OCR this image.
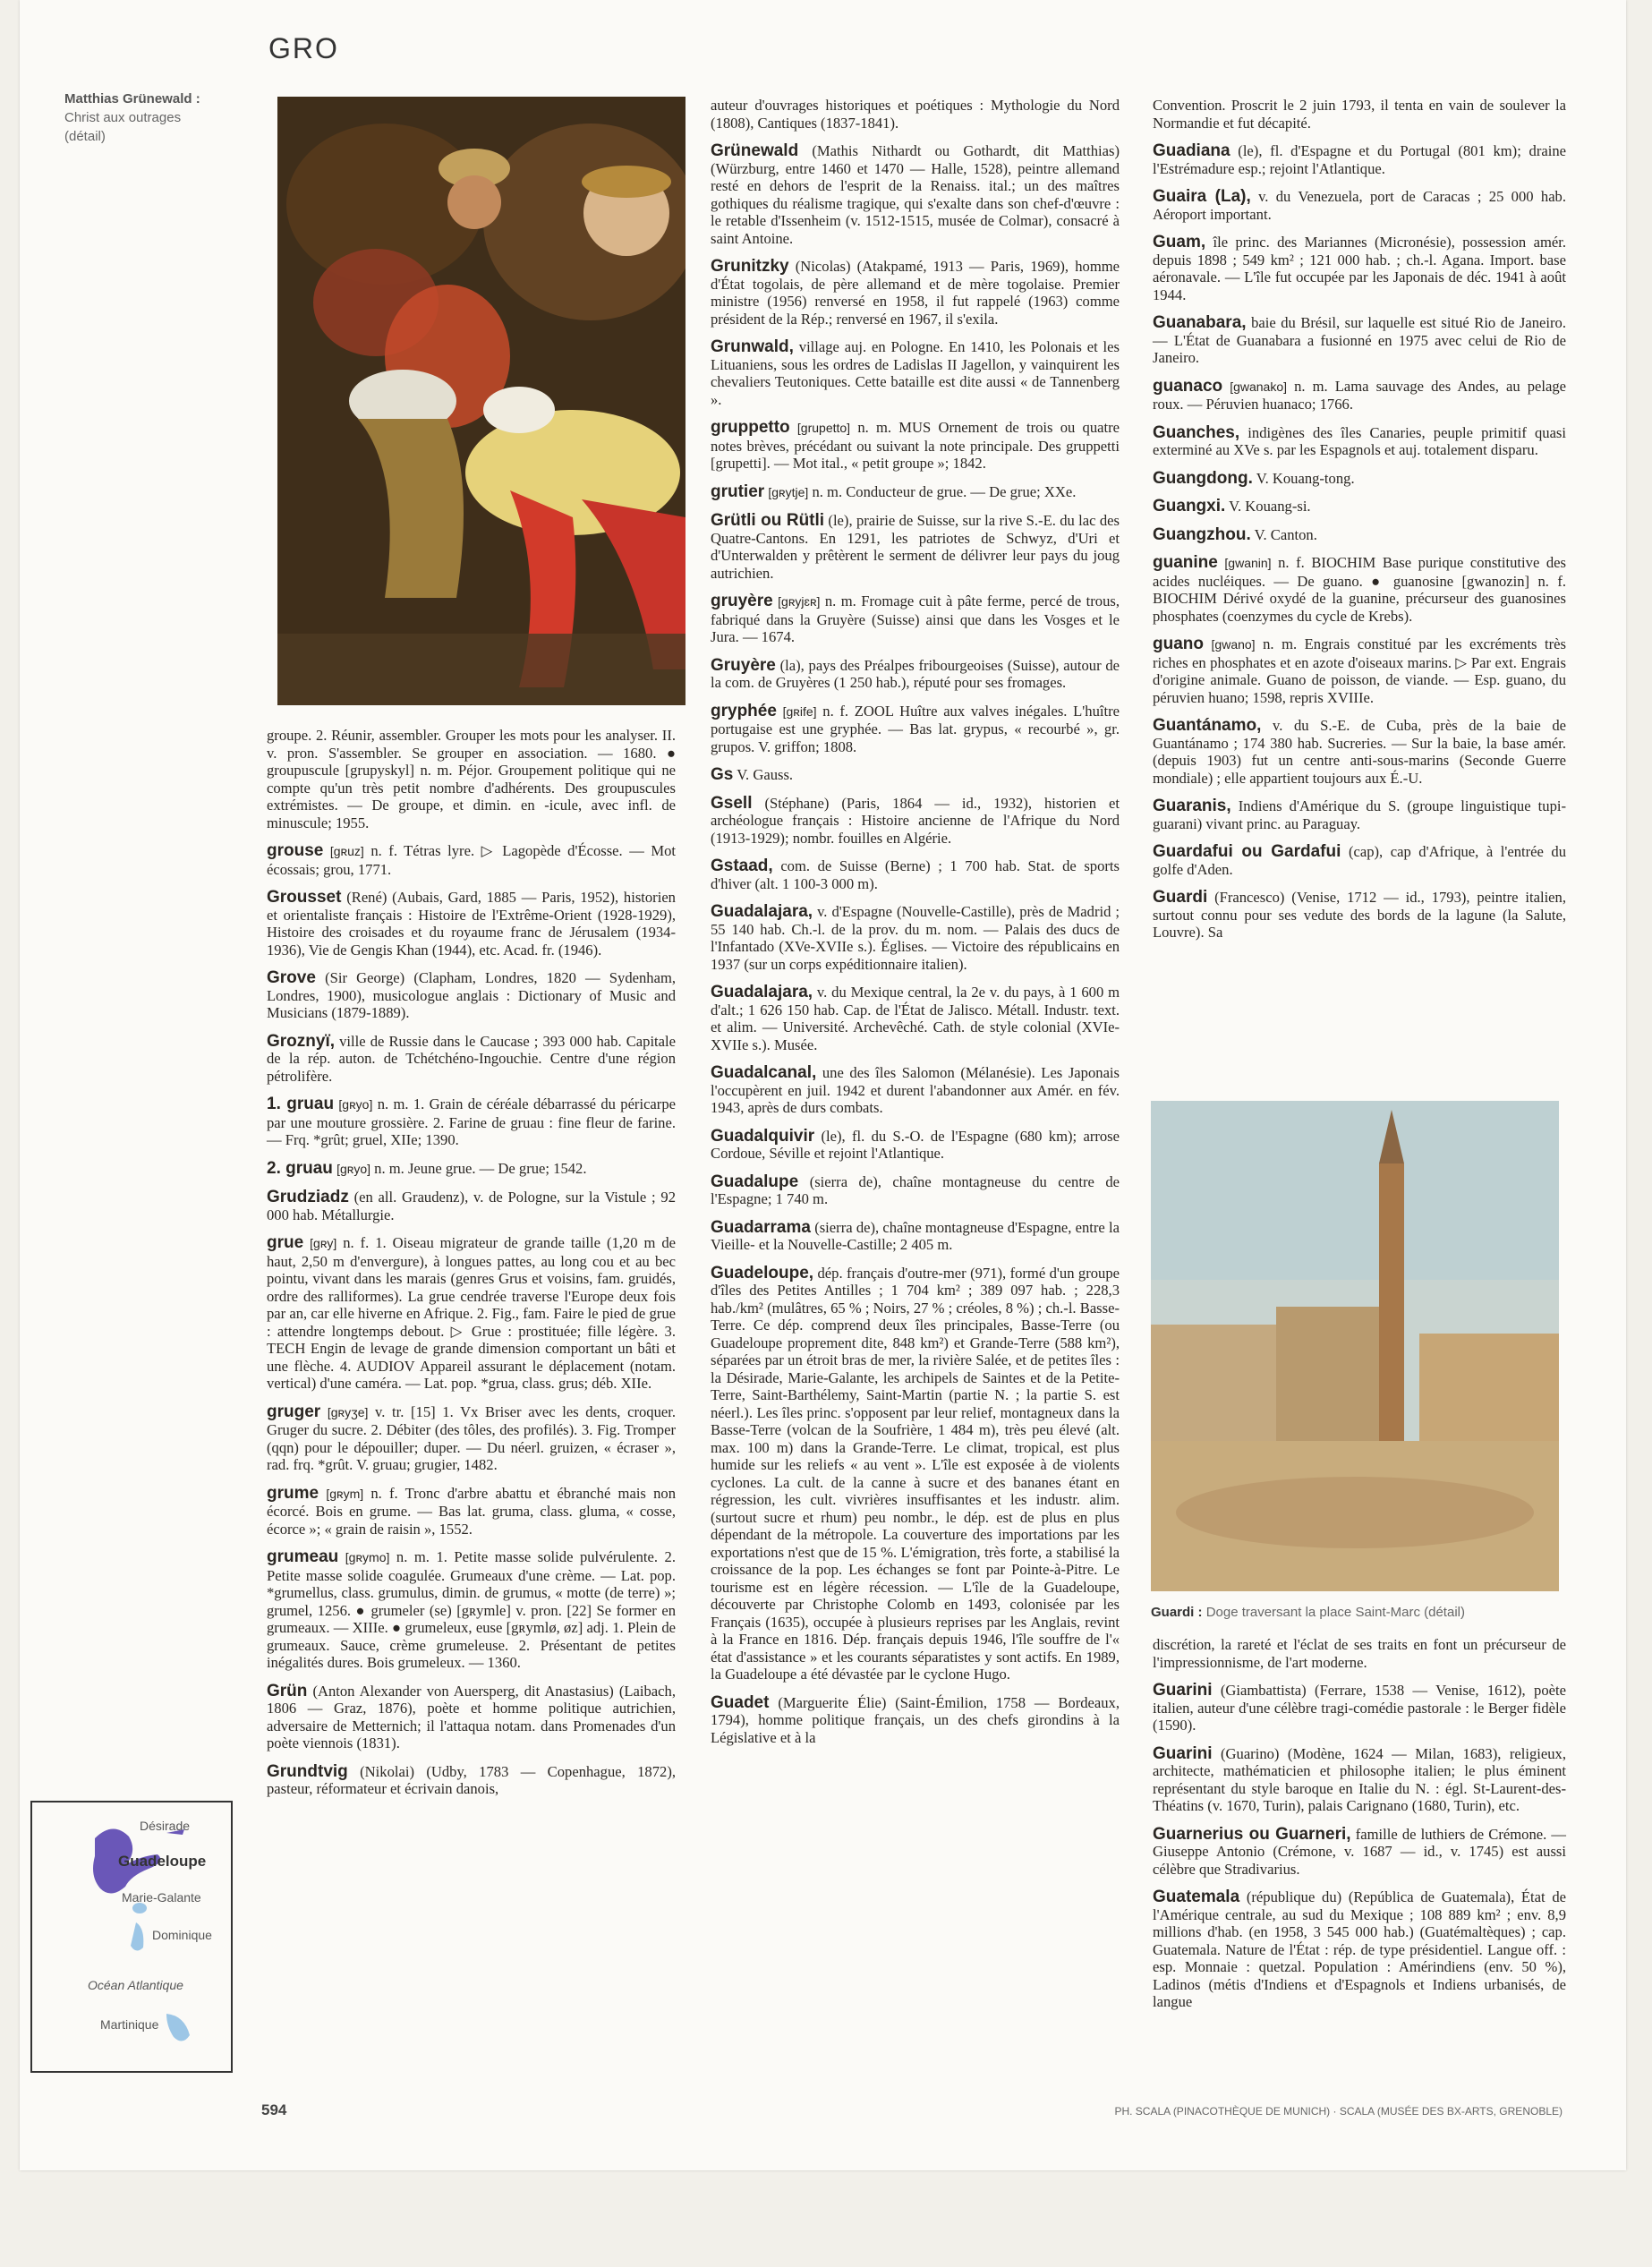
GRO
Matthias Grünewald :
Christ aux outrages
(détail)

groupe. 2. Réunir, assembler. Grouper les mots pour les analyser. II. v. pron. S'assembler. Se grouper en association. — 1680. ● groupuscule [grupyskyl] n. m. Péjor. Groupement politique qui ne compte qu'un très petit nombre d'adhérents. Des groupuscules extrémistes. — De groupe, et dimin. en -icule, avec infl. de minuscule; 1955.

grouse [gʀuz] n. f. Tétras lyre. ▷ Lagopède d'Écosse. — Mot écossais; grou, 1771.

Grousset (René) (Aubais, Gard, 1885 — Paris, 1952), historien et orientaliste français : Histoire de l'Extrême-Orient (1928-1929), Histoire des croisades et du royaume franc de Jérusalem (1934-1936), Vie de Gengis Khan (1944), etc. Acad. fr. (1946).

Grove (Sir George) (Clapham, Londres, 1820 — Sydenham, Londres, 1900), musicologue anglais : Dictionary of Music and Musicians (1879-1889).

Groznyï, ville de Russie dans le Caucase ; 393 000 hab. Capitale de la rép. auton. de Tchétchéno-Ingouchie. Centre d'une région pétrolifère.

1. gruau [gʀyo] n. m. 1. Grain de céréale débarrassé du péricarpe par une mouture grossière. 2. Farine de gruau : fine fleur de farine. — Frq. *grût; gruel, XIIe; 1390.

2. gruau [gʀyo] n. m. Jeune grue. — De grue; 1542.

Grudziadz (en all. Graudenz), v. de Pologne, sur la Vistule ; 92 000 hab. Métallurgie.

grue [gʀy] n. f. 1. Oiseau migrateur de grande taille (1,20 m de haut, 2,50 m d'envergure), à longues pattes, au long cou et au bec pointu, vivant dans les marais (genres Grus et voisins, fam. gruidés, ordre des ralliformes). La grue cendrée traverse l'Europe deux fois par an, car elle hiverne en Afrique. 2. Fig., fam. Faire le pied de grue : attendre longtemps debout. ▷ Grue : prostituée; fille légère. 3. TECH Engin de levage de grande dimension comportant un bâti et une flèche. 4. AUDIOV Appareil assurant le déplacement (notam. vertical) d'une caméra. — Lat. pop. *grua, class. grus; déb. XIIe.

gruger [gʀyʒe] v. tr. [15] 1. Vx Briser avec les dents, croquer. Gruger du sucre. 2. Débiter (des tôles, des profilés). 3. Fig. Tromper (qqn) pour le dépouiller; duper. — Du néerl. gruizen, « écraser », rad. frq. *grût. V. gruau; grugier, 1482.

grume [gʀym] n. f. Tronc d'arbre abattu et ébranché mais non écorcé. Bois en grume. — Bas lat. gruma, class. gluma, « cosse, écorce »; « grain de raisin », 1552.

grumeau [gʀymo] n. m. 1. Petite masse solide pulvérulente. 2. Petite masse solide coagulée. Grumeaux d'une crème. — Lat. pop. *grumellus, class. grumulus, dimin. de grumus, « motte (de terre) »; grumel, 1256. ● grumeler (se) [gʀymle] v. pron. [22] Se former en grumeaux. — XIIIe. ● grumeleux, euse [gʀymlø, øz] adj. 1. Plein de grumeaux. Sauce, crème grumeleuse. 2. Présentant de petites inégalités dures. Bois grumeleux. — 1360.

Grün (Anton Alexander von Auersperg, dit Anastasius) (Laibach, 1806 — Graz, 1876), poète et homme politique autrichien, adversaire de Metternich; il l'attaqua notam. dans Promenades d'un poète viennois (1831).

Grundtvig (Nikolai) (Udby, 1783 — Copenhague, 1872), pasteur, réformateur et écrivain danois,

auteur d'ouvrages historiques et poétiques : Mythologie du Nord (1808), Cantiques (1837-1841).

Grünewald (Mathis Nithardt ou Gothardt, dit Matthias) (Würzburg, entre 1460 et 1470 — Halle, 1528), peintre allemand resté en dehors de l'esprit de la Renaiss. ital.; un des maîtres gothiques du réalisme tragique, qui s'exalte dans son chef-d'œuvre : le retable d'Issenheim (v. 1512-1515, musée de Colmar), consacré à saint Antoine.

Grunitzky (Nicolas) (Atakpamé, 1913 — Paris, 1969), homme d'État togolais, de père allemand et de mère togolaise. Premier ministre (1956) renversé en 1958, il fut rappelé (1963) comme président de la Rép.; renversé en 1967, il s'exila.

Grunwald, village auj. en Pologne. En 1410, les Polonais et les Lituaniens, sous les ordres de Ladislas II Jagellon, y vainquirent les chevaliers Teutoniques. Cette bataille est dite aussi « de Tannenberg ».

gruppetto [grupetto] n. m. MUS Ornement de trois ou quatre notes brèves, précédant ou suivant la note principale. Des gruppetti [grupetti]. — Mot ital., « petit groupe »; 1842.

grutier [gʀytje] n. m. Conducteur de grue. — De grue; XXe.

Grütli ou Rütli (le), prairie de Suisse, sur la rive S.-E. du lac des Quatre-Cantons. En 1291, les patriotes de Schwyz, d'Uri et d'Unterwalden y prêtèrent le serment de délivrer leur pays du joug autrichien.

gruyère [gʀyjɛʀ] n. m. Fromage cuit à pâte ferme, percé de trous, fabriqué dans la Gruyère (Suisse) ainsi que dans les Vosges et le Jura. — 1674.

Gruyère (la), pays des Préalpes fribourgeoises (Suisse), autour de la com. de Gruyères (1 250 hab.), réputé pour ses fromages.

gryphée [gʀife] n. f. ZOOL Huître aux valves inégales. L'huître portugaise est une gryphée. — Bas lat. grypus, « recourbé », gr. grupos. V. griffon; 1808.

Gs V. Gauss.

Gsell (Stéphane) (Paris, 1864 — id., 1932), historien et archéologue français : Histoire ancienne de l'Afrique du Nord (1913-1929); nombr. fouilles en Algérie.

Gstaad, com. de Suisse (Berne) ; 1 700 hab. Stat. de sports d'hiver (alt. 1 100-3 000 m).

Guadalajara, v. d'Espagne (Nouvelle-Castille), près de Madrid ; 55 140 hab. Ch.-l. de la prov. du m. nom. — Palais des ducs de l'Infantado (XVe-XVIIe s.). Églises. — Victoire des républicains en 1937 (sur un corps expéditionnaire italien).

Guadalajara, v. du Mexique central, la 2e v. du pays, à 1 600 m d'alt.; 1 626 150 hab. Cap. de l'État de Jalisco. Métall. Industr. text. et alim. — Université. Archevêché. Cath. de style colonial (XVIe-XVIIe s.). Musée.

Guadalcanal, une des îles Salomon (Mélanésie). Les Japonais l'occupèrent en juil. 1942 et durent l'abandonner aux Amér. en fév. 1943, après de durs combats.

Guadalquivir (le), fl. du S.-O. de l'Espagne (680 km); arrose Cordoue, Séville et rejoint l'Atlantique.

Guadalupe (sierra de), chaîne montagneuse du centre de l'Espagne; 1 740 m.

Guadarrama (sierra de), chaîne montagneuse d'Espagne, entre la Vieille- et la Nouvelle-Castille; 2 405 m.

Guadeloupe, dép. français d'outre-mer (971), formé d'un groupe d'îles des Petites Antilles ; 1 704 km² ; 389 097 hab. ; 228,3 hab./km² (mulâtres, 65 % ; Noirs, 27 % ; créoles, 8 %) ; ch.-l. Basse-Terre. Ce dép. comprend deux îles principales, Basse-Terre (ou Guadeloupe proprement dite, 848 km²) et Grande-Terre (588 km²), séparées par un étroit bras de mer, la rivière Salée, et de petites îles : la Désirade, Marie-Galante, les archipels de Saintes et de la Petite-Terre, Saint-Barthélemy, Saint-Martin (partie N. ; la partie S. est néerl.). Les îles princ. s'opposent par leur relief, montagneux dans la Basse-Terre (volcan de la Soufrière, 1 484 m), très peu élevé (alt. max. 100 m) dans la Grande-Terre. Le climat, tropical, est plus humide sur les reliefs « au vent ». L'île est exposée à de violents cyclones. La cult. de la canne à sucre et des bananes étant en régression, les cult. vivrières insuffisantes et les industr. alim. (surtout sucre et rhum) peu nombr., le dép. est de plus en plus dépendant de la métropole. La couverture des importations par les exportations n'est que de 15 %. L'émigration, très forte, a stabilisé la croissance de la pop. Les échanges se font par Pointe-à-Pitre. Le tourisme est en légère récession. — L'île de la Guadeloupe, découverte par Christophe Colomb en 1493, colonisée par les Français (1635), occupée à plusieurs reprises par les Anglais, revint à la France en 1816. Dép. français depuis 1946, l'île souffre de l'« état d'assistance » et les courants séparatistes y sont actifs. En 1989, la Guadeloupe a été dévastée par le cyclone Hugo.

Guadet (Marguerite Élie) (Saint-Émilion, 1758 — Bordeaux, 1794), homme politique français, un des chefs girondins à la Législative et à la

Convention. Proscrit le 2 juin 1793, il tenta en vain de soulever la Normandie et fut décapité.

Guadiana (le), fl. d'Espagne et du Portugal (801 km); draine l'Estrémadure esp.; rejoint l'Atlantique.

Guaira (La), v. du Venezuela, port de Caracas ; 25 000 hab. Aéroport important.

Guam, île princ. des Mariannes (Micronésie), possession amér. depuis 1898 ; 549 km² ; 121 000 hab. ; ch.-l. Agana. Import. base aéronavale. — L'île fut occupée par les Japonais de déc. 1941 à août 1944.

Guanabara, baie du Brésil, sur laquelle est situé Rio de Janeiro. — L'État de Guanabara a fusionné en 1975 avec celui de Rio de Janeiro.

guanaco [gwanako] n. m. Lama sauvage des Andes, au pelage roux. — Péruvien huanaco; 1766.

Guanches, indigènes des îles Canaries, peuple primitif quasi exterminé au XVe s. par les Espagnols et auj. totalement disparu.

Guangdong. V. Kouang-tong.

Guangxi. V. Kouang-si.

Guangzhou. V. Canton.

guanine [gwanin] n. f. BIOCHIM Base purique constitutive des acides nucléiques. — De guano. ● guanosine [gwanozin] n. f. BIOCHIM Dérivé oxydé de la guanine, précurseur des guanosines phosphates (coenzymes du cycle de Krebs).

guano [gwano] n. m. Engrais constitué par les excréments très riches en phosphates et en azote d'oiseaux marins. ▷ Par ext. Engrais d'origine animale. Guano de poisson, de viande. — Esp. guano, du péruvien huano; 1598, repris XVIIIe.

Guantánamo, v. du S.-E. de Cuba, près de la baie de Guantánamo ; 174 380 hab. Sucreries. — Sur la baie, la base amér. (depuis 1903) fut un centre anti-sous-marins (Seconde Guerre mondiale) ; elle appartient toujours aux É.-U.

Guaranis, Indiens d'Amérique du S. (groupe linguistique tupi-guarani) vivant princ. au Paraguay.

Guardafui ou Gardafui (cap), cap d'Afrique, à l'entrée du golfe d'Aden.

Guardi (Francesco) (Venise, 1712 — id., 1793), peintre italien, surtout connu pour ses vedute des bords de la lagune (la Salute, Louvre). Sa

discrétion, la rareté et l'éclat de ses traits en font un précurseur de l'impressionnisme, de l'art moderne.

Guarini (Giambattista) (Ferrare, 1538 — Venise, 1612), poète italien, auteur d'une célèbre tragi-comédie pastorale : le Berger fidèle (1590).

Guarini (Guarino) (Modène, 1624 — Milan, 1683), religieux, architecte, mathématicien et philosophe italien; le plus éminent représentant du style baroque en Italie du N. : égl. St-Laurent-des-Théatins (v. 1670, Turin), palais Carignano (1680, Turin), etc.

Guarnerius ou Guarneri, famille de luthiers de Crémone. — Giuseppe Antonio (Crémone, v. 1687 — id., v. 1745) est aussi célèbre que Stradivarius.

Guatemala (république du) (República de Guatemala), État de l'Amérique centrale, au sud du Mexique ; 108 889 km² ; env. 8,9 millions d'hab. (en 1958, 3 545 000 hab.) (Guatémaltèques) ; cap. Guatemala. Nature de l'État : rép. de type présidentiel. Langue off. : esp. Monnaie : quetzal. Population : Amérindiens (env. 50 %), Ladinos (métis d'Indiens et d'Espagnols et Indiens urbanisés, de langue

Guardi : Doge traversant la place Saint-Marc (détail)
Désirade
Guadeloupe
Marie-Galante
Dominique
Océan Atlantique
Martinique
594	PH. SCALA (PINACOTHÈQUE DE MUNICH) · SCALA (MUSÉE DES BX-ARTS, GRENOBLE)
